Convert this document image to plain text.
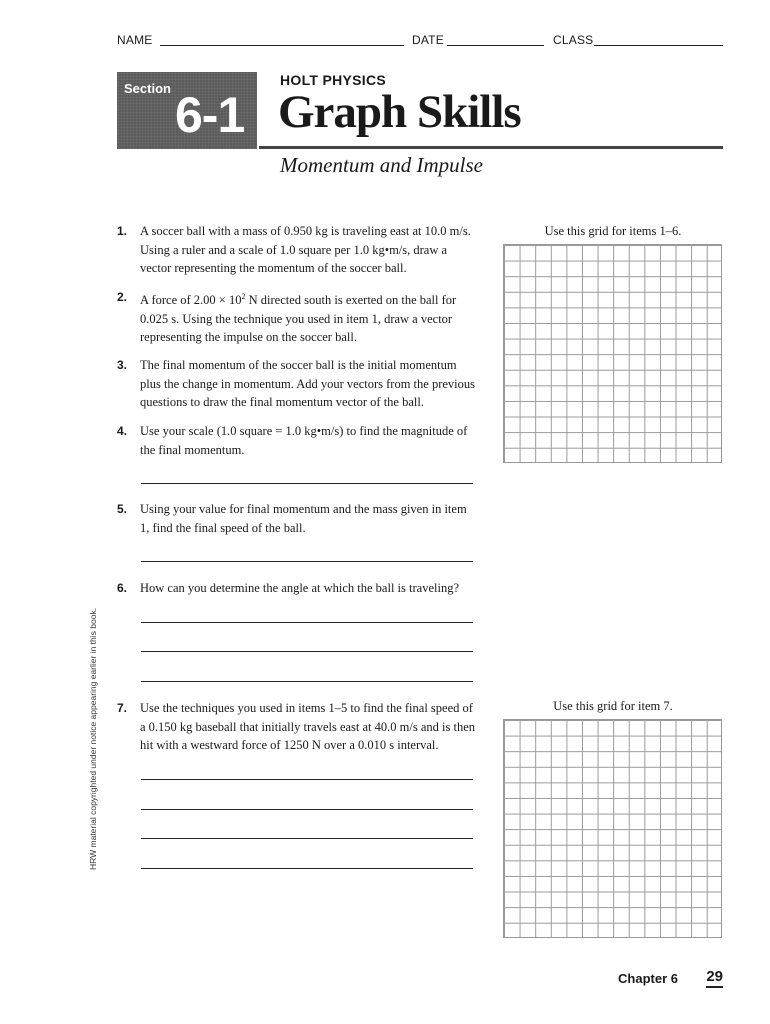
NAME	DATE	CLASS
Section 6-1
HOLT PHYSICS
Graph Skills
Momentum and Impulse
1. A soccer ball with a mass of 0.950 kg is traveling east at 10.0 m/s. Using a ruler and a scale of 1.0 square per 1.0 kg•m/s, draw a vector representing the momentum of the soccer ball.
2. A force of $2.00 \times 10^2$ N directed south is exerted on the ball for 0.025 s. Using the technique you used in item 1, draw a vector representing the impulse on the soccer ball.
3. The final momentum of the soccer ball is the initial momentum plus the change in momentum. Add your vectors from the previous questions to draw the final momentum vector of the ball.
4. Use your scale (1.0 square = 1.0 kg•m/s) to find the magnitude of the final momentum.
5. Using your value for final momentum and the mass given in item 1, find the final speed of the ball.
6. How can you determine the angle at which the ball is traveling?
7. Use the techniques you used in items 1–5 to find the final speed of a 0.150 kg baseball that initially travels east at 40.0 m/s and is then hit with a westward force of 1250 N over a 0.010 s interval.
Use this grid for items 1–6.
Use this grid for item 7.
HRW material copyrighted under notice appearing earlier in this book.
Chapter 6 29
